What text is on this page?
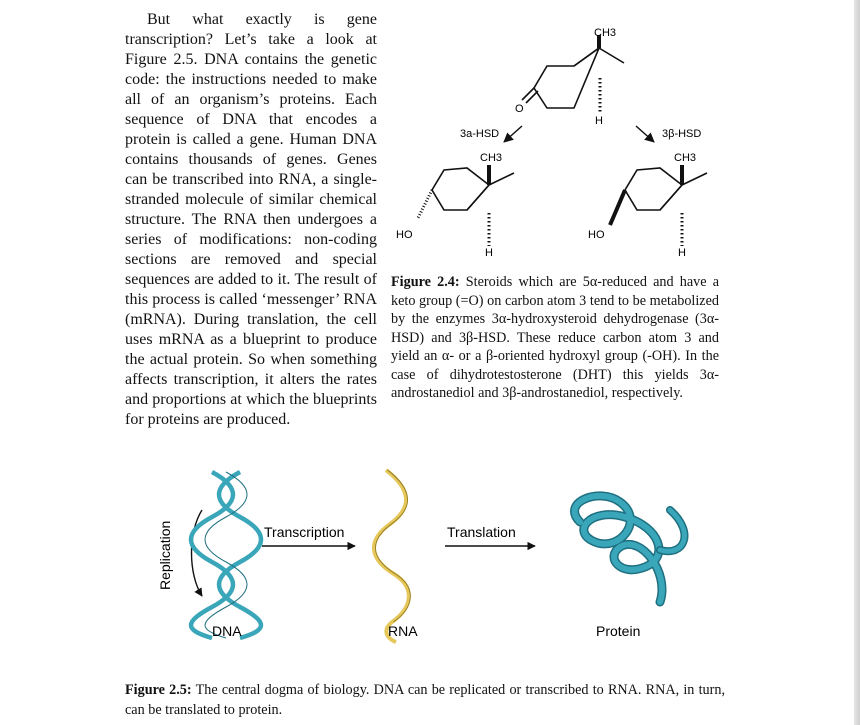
But what exactly is gene transcription? Let’s take a look at Figure 2.5. DNA contains the genetic code: the instructions needed to make all of an organism’s proteins. Each sequence of DNA that encodes a protein is called a gene. Human DNA contains thousands of genes. Genes can be transcribed into RNA, a single-stranded molecule of similar chemical structure. The RNA then undergoes a series of modifications: non-coding sections are removed and special sequences are added to it. The result of this process is called ‘messenger’ RNA (mRNA). During translation, the cell uses mRNA as a blueprint to produce the actual protein. So when something affects transcription, it alters the rates and proportions at which the blueprints for proteins are produced.

CH3
H
O
3a-HSD	3β-HSD
CH3
HO
H
CH3
HO
H
Figure 2.4: Steroids which are 5α-reduced and have a keto group (=O) on carbon atom 3 tend to be metabolized by the enzymes 3α-hydroxysteroid dehydrogenase (3α-HSD) and 3β-HSD. These reduce carbon atom 3 and yield an α- or a β-oriented hydroxyl group (-OH). In the case of dihydrotestosterone (DHT) this yields 3α-androstanediol and 3β-androstanediol, respectively.
Replication	Transcription	Translation
DNA	RNA	Protein
Figure 2.5: The central dogma of biology. DNA can be replicated or transcribed to RNA. RNA, in turn, can be translated to protein.
